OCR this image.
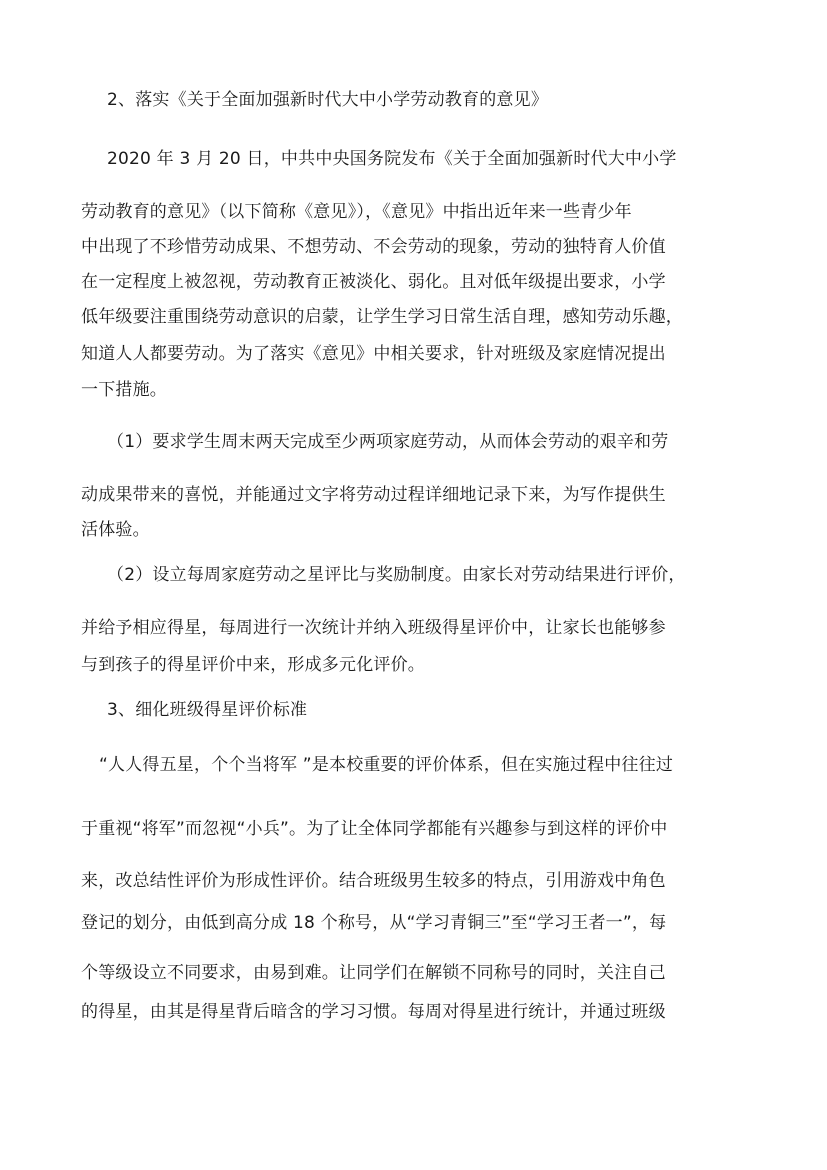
2、落实《关于全面加强新时代大中小学劳动教育的意见》
2020 年 3 月 20 日，中共中央国务院发布《关于全面加强新时代大中小学
劳动教育的意见》（以下简称《意见》），《意见》中指出近年来一些青少年
中出现了不珍惜劳动成果、不想劳动、不会劳动的现象，劳动的独特育人价值
在一定程度上被忽视，劳动教育正被淡化、弱化。且对低年级提出要求，小学
低年级要注重围绕劳动意识的启蒙，让学生学习日常生活自理，感知劳动乐趣，
知道人人都要劳动。为了落实《意见》中相关要求，针对班级及家庭情况提出
一下措施。
（1）要求学生周末两天完成至少两项家庭劳动，从而体会劳动的艰辛和劳
动成果带来的喜悦，并能通过文字将劳动过程详细地记录下来，为写作提供生
活体验。
（2）设立每周家庭劳动之星评比与奖励制度。由家长对劳动结果进行评价，
并给予相应得星，每周进行一次统计并纳入班级得星评价中，让家长也能够参
与到孩子的得星评价中来，形成多元化评价。
3、细化班级得星评价标准
“人人得五星，个个当将军 ”是本校重要的评价体系，但在实施过程中往往过
于重视“将军”而忽视“小兵”。为了让全体同学都能有兴趣参与到这样的评价中
来，改总结性评价为形成性评价。结合班级男生较多的特点，引用游戏中角色
登记的划分，由低到高分成 18 个称号，从“学习青铜三”至“学习王者一”，每
个等级设立不同要求，由易到难。让同学们在解锁不同称号的同时，关注自己
的得星，由其是得星背后暗含的学习习惯。每周对得星进行统计，并通过班级
